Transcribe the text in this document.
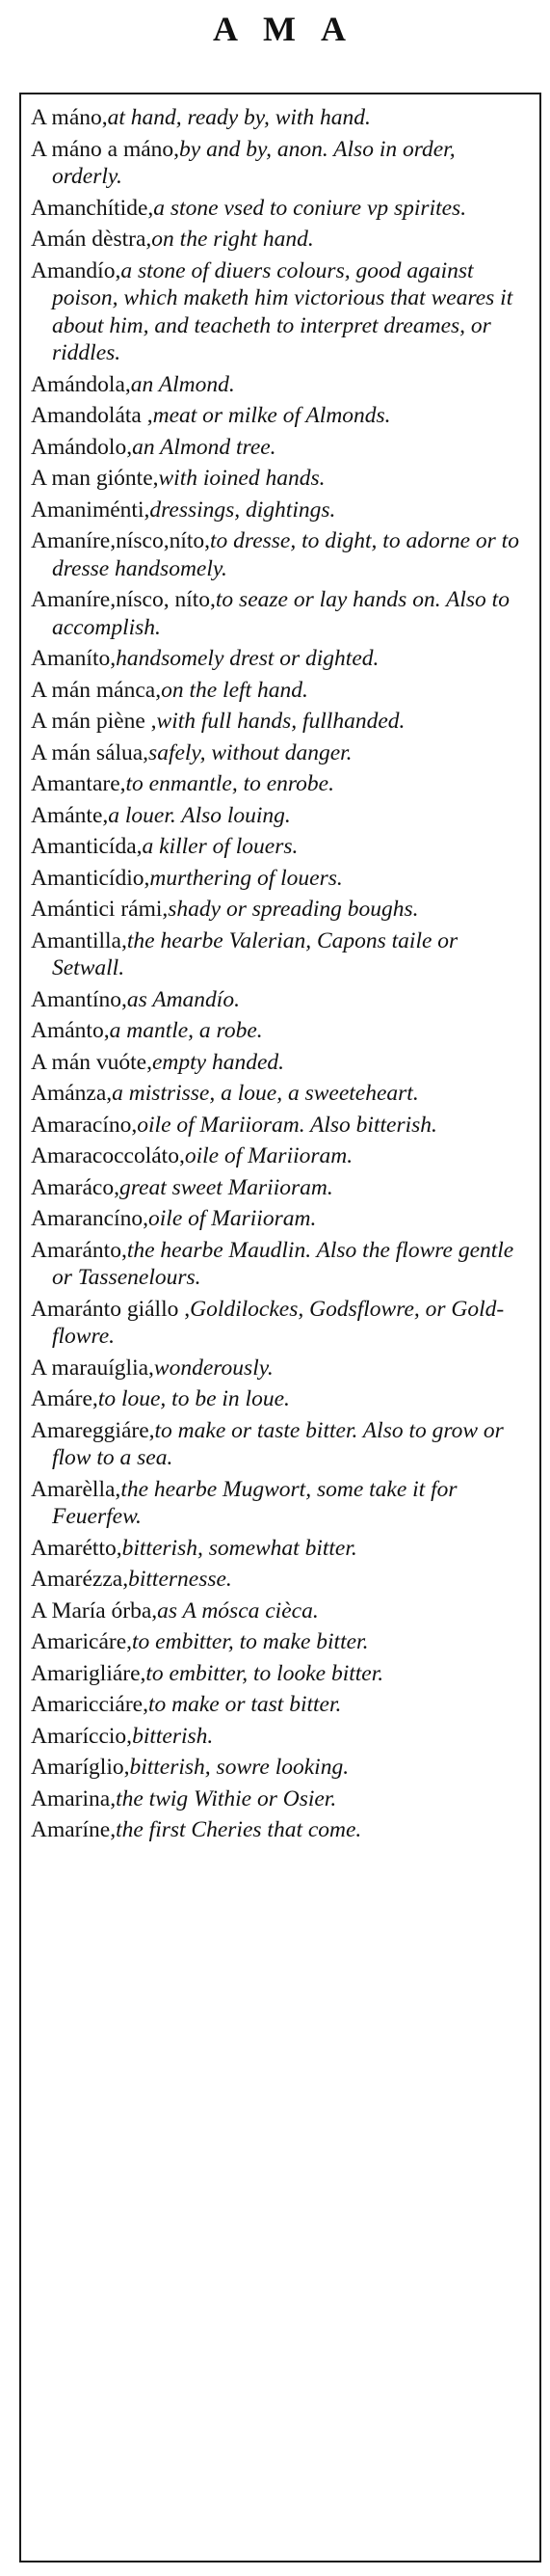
AMA
A máno,at hand, ready by, with hand.
A máno a máno,by and by, anon. Also in order, orderly.
Amanchítide,a stone vsed to coniure vp spirites.
Amán dèstra,on the right hand.
Amandío,a stone of diuers colours, good against poison, which maketh him victorious that weares it about him, and teacheth to interpret dreames, or riddles.
Amándola,an Almond.
Amandoláta ,meat or milke of Almonds.
Amándolo,an Almond tree.
A man giónte,with ioined hands.
Amaniménti,dressings, dightings.
Amaníre,nísco,níto,to dresse, to dight, to adorne or to dresse handsomely.
Amaníre,nísco, níto,to seaze or lay hands on. Also to accomplish.
Amaníto,handsomely drest or dighted.
A mán mánca,on the left hand.
A mán piène ,with full hands, fullhanded.
A mán sálua,safely, without danger.
Amantare,to enmantle, to enrobe.
Amánte,a louer. Also louing.
Amanticída,a killer of louers.
Amanticídio,murthering of louers.
Amántici rámi,shady or spreading boughs.
Amantilla,the hearbe Valerian, Capons taile or Setwall.
Amantíno,as Amandío.
Amánto,a mantle, a robe.
A mán vuóte,empty handed.
Amánza,a mistrisse, a loue, a sweeteheart.
Amaracíno,oile of Mariioram. Also bitterish.
Amaracoccoláto,oile of Mariioram.
Amaráco,great sweet Mariioram.
Amarancíno,oile of Mariioram.
Amaránto,the hearbe Maudlin. Also the flowre gentle or Tassenelours.
Amaránto giállo ,Goldilockes, Godsflowre, or Gold-flowre.
A marauíglia,wonderously.
Amáre,to loue, to be in loue.
Amareggiáre,to make or taste bitter. Also to grow or flow to a sea.
Amarèlla,the hearbe Mugwort, some take it for Feuerfew.
Amarétto,bitterish, somewhat bitter.
Amarézza,bitternesse.
A María órba,as A mósca cièca.
Amaricáre,to embitter, to make bitter.
Amarigliáre,to embitter, to looke bitter.
Amaricciáre,to make or tast bitter.
Amaríccio,bitterish.
Amaríglio,bitterish, sowre looking.
Amarina,the twig Withie or Osier.
Amaríne,the first Cheries that come.
